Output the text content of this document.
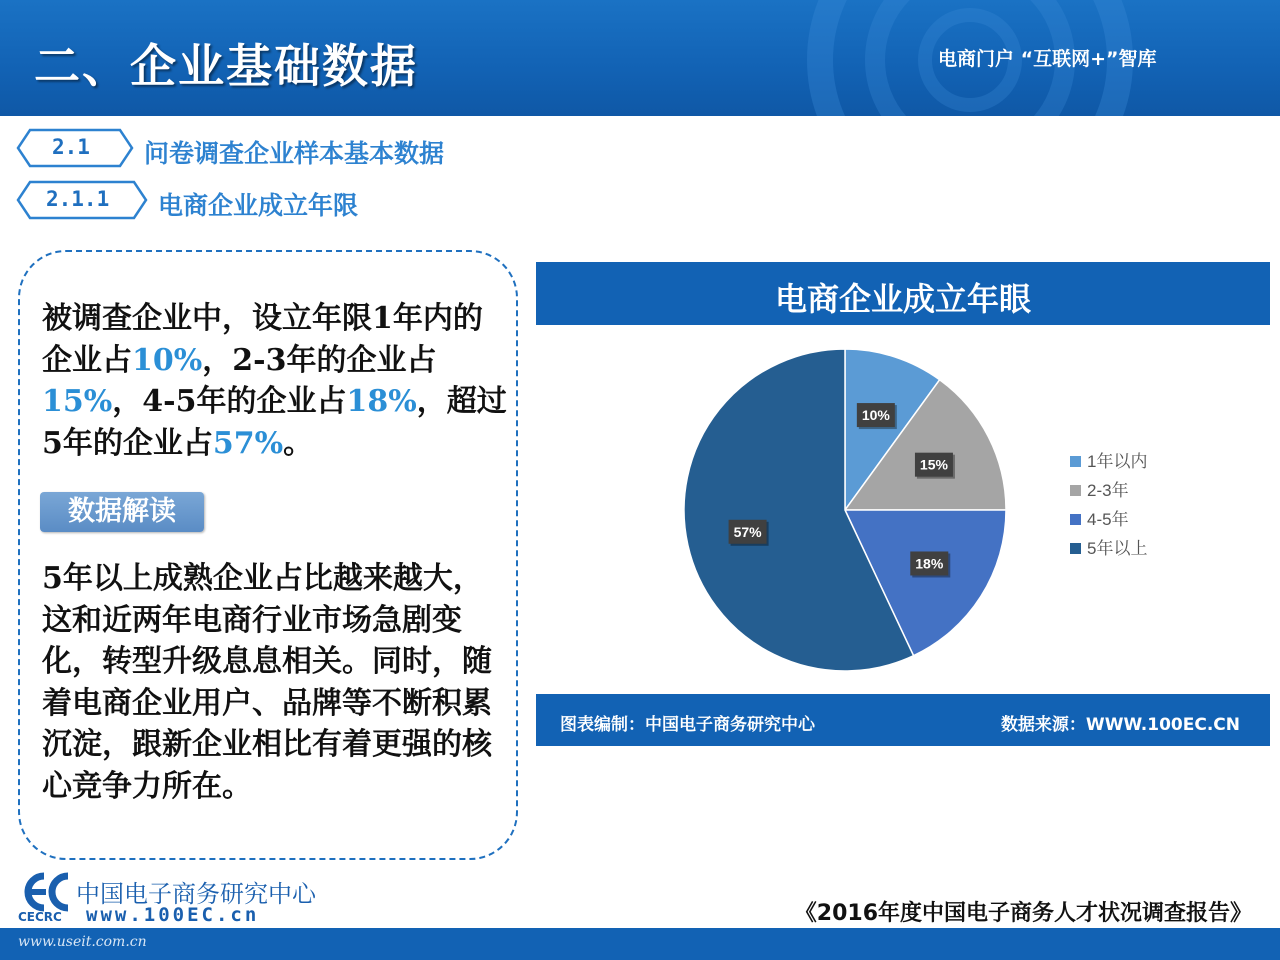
二、企业基础数据	电商门户 “互联网+”智库
2.1 问卷调查企业样本基本数据
2.1.1 电商企业成立年限
被调查企业中，设立年限1年内的企业占10%，2-3年的企业占15%，4-5年的企业占18%，超过5年的企业占57%。
数据解读
5年以上成熟企业占比越来越大，这和近两年电商行业市场急剧变化，转型升级息息相关。同时，随着电商企业用户、品牌等不断积累沉淀，跟新企业相比有着更强的核心竞争力所在。
电商企业成立年眼
10%
15%
18%
57%
1年以内
2-3年
4-5年
5年以上
图表编制：中国电子商务研究中心	数据来源：WWW.100EC.CN
中国电子商务研究中心
www.100EC.cn
CECRC	《2016年度中国电子商务人才状况调查报告》
www.useit.com.cn
